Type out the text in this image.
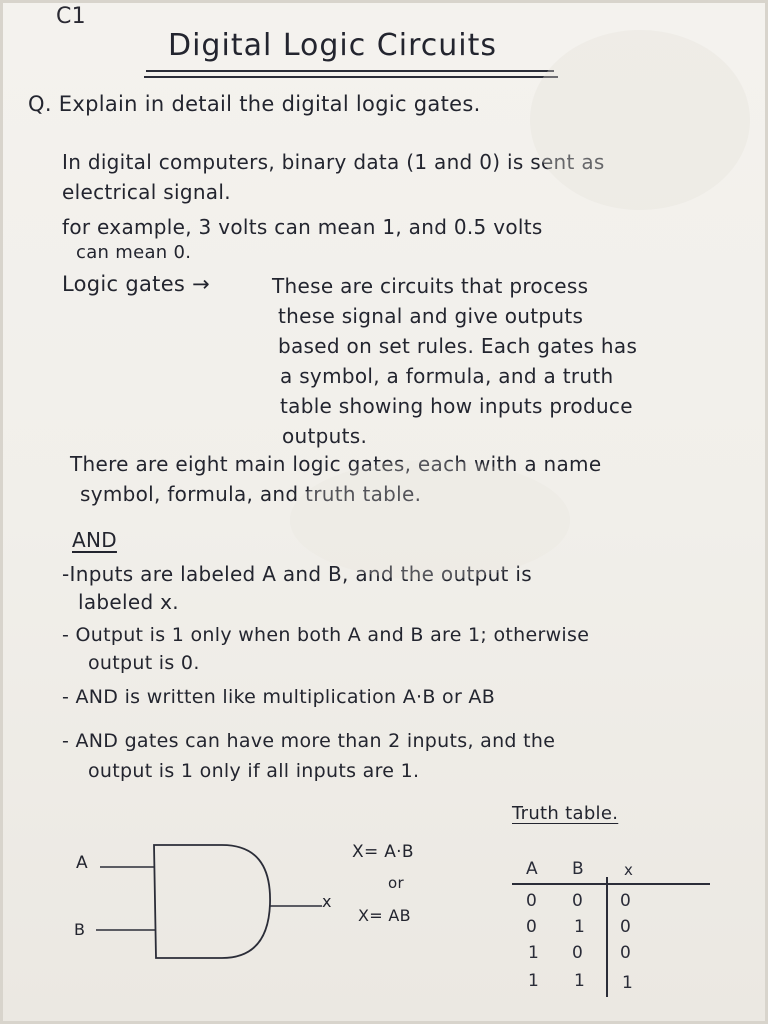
C1
Digital Logic Circuits
Q. Explain in detail the digital logic gates.
In digital computers, binary data (1 and 0) is sent as
electrical signal.
for example, 3 volts can mean 1, and 0.5 volts
can mean 0.
Logic gates →	These are circuits that process
these signal and give outputs
based on set rules. Each gates has
a symbol, a formula, and a truth
table showing how inputs produce
outputs.
There are eight main logic gates, each with a name
symbol, formula, and truth table.
AND
-Inputs are labeled A and B, and the output is
labeled x.
- Output is 1 only when both A and B are 1; otherwise
output is 0.
- AND is written like multiplication A·B or AB
- AND gates can have more than 2 inputs, and the
output is 1 only if all inputs are 1.
A
B
x
X= A·B
or
X= AB
Truth table.
A B	x
0 0 0
0 1 0
1 0 0
1 1 1
